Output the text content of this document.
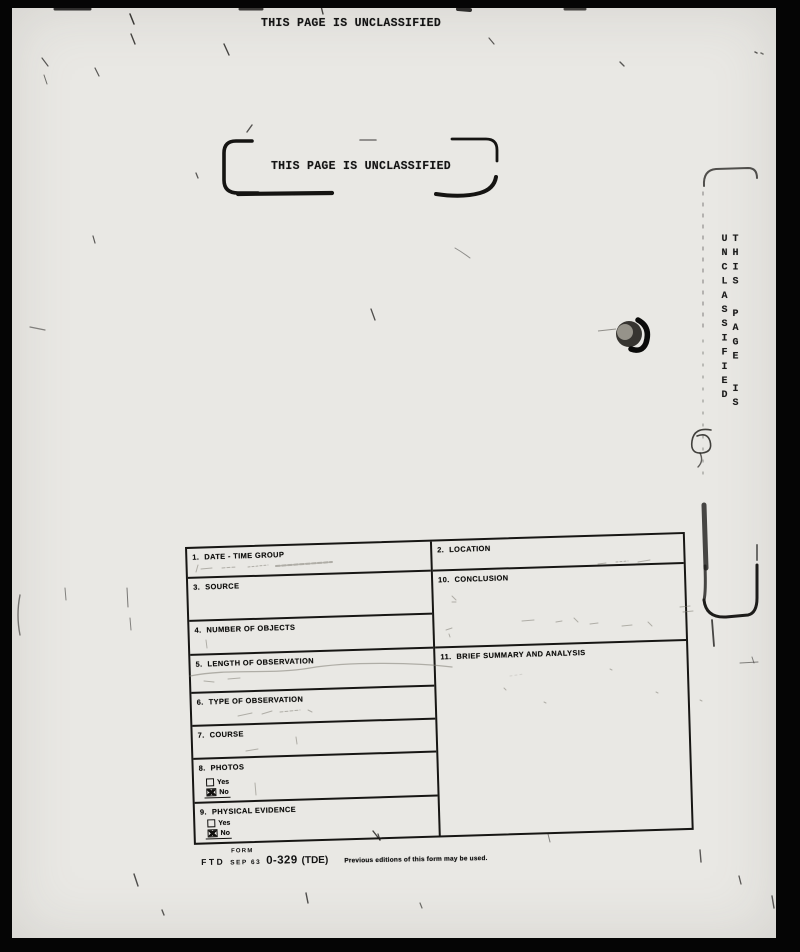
THIS PAGE IS UNCLASSIFIED
THIS PAGE IS UNCLASSIFIED
THIS PAGE IS UNCLASSIFIED
1. DATE - TIME GROUP
3. SOURCE
4. NUMBER OF OBJECTS
5. LENGTH OF OBSERVATION
6. TYPE OF OBSERVATION
7. COURSE
8. PHOTOS
Yes
No
9. PHYSICAL EVIDENCE
Yes
No
2. LOCATION
10. CONCLUSION
11. BRIEF SUMMARY AND ANALYSIS
FORM
FTD SEP 63 0-329 (TDE) Previous editions of this form may be used.
